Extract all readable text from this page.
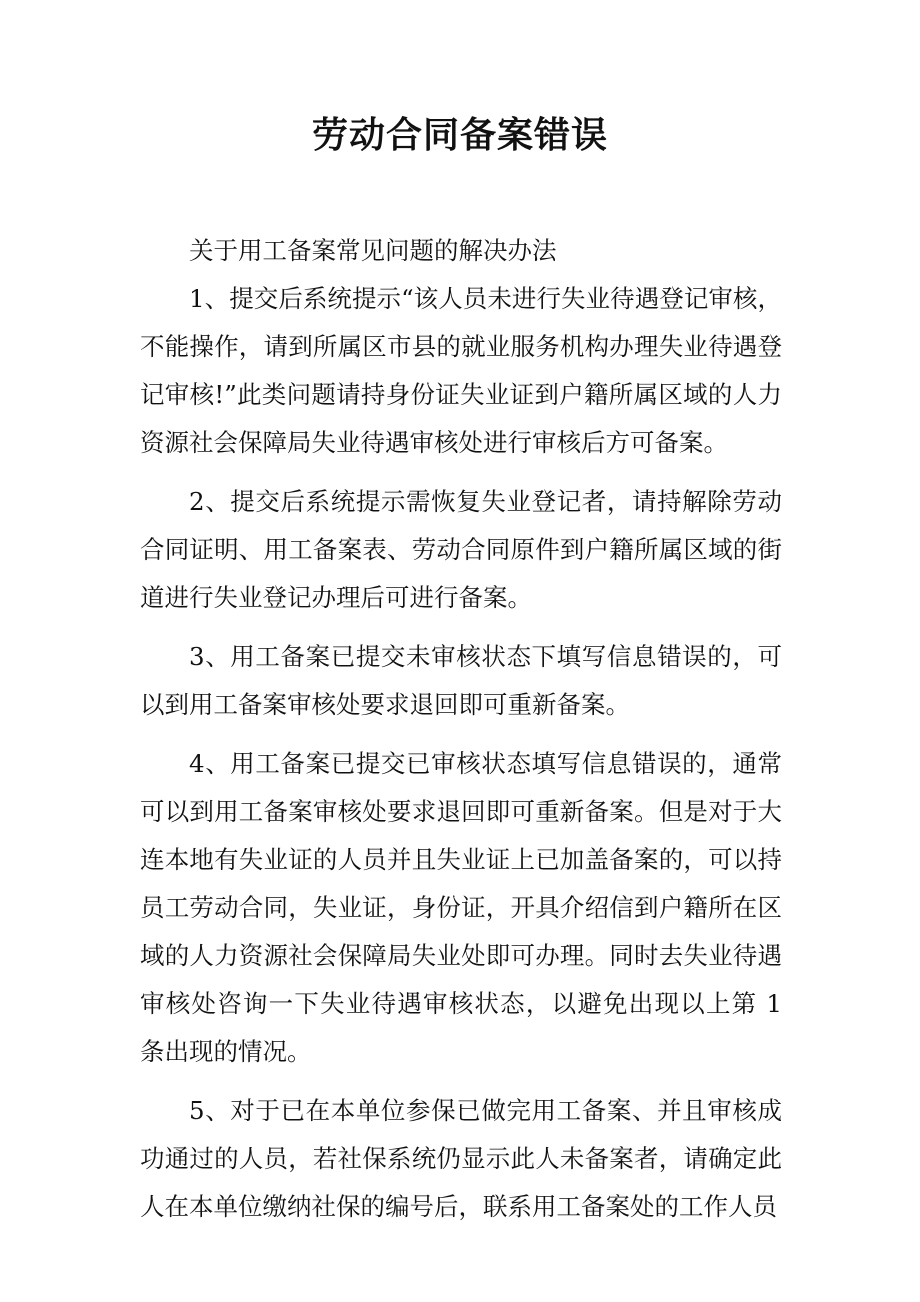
劳动合同备案错误

关于用工备案常见问题的解决办法

1、提交后系统提示“该人员未进行失业待遇登记审核，不能操作，请到所属区市县的就业服务机构办理失业待遇登记审核!”此类问题请持身份证失业证到户籍所属区域的人力资源社会保障局失业待遇审核处进行审核后方可备案。

2、提交后系统提示需恢复失业登记者，请持解除劳动合同证明、用工备案表、劳动合同原件到户籍所属区域的街道进行失业登记办理后可进行备案。

3、用工备案已提交未审核状态下填写信息错误的，可以到用工备案审核处要求退回即可重新备案。

4、用工备案已提交已审核状态填写信息错误的，通常可以到用工备案审核处要求退回即可重新备案。但是对于大连本地有失业证的人员并且失业证上已加盖备案的，可以持员工劳动合同，失业证，身份证，开具介绍信到户籍所在区域的人力资源社会保障局失业处即可办理。同时去失业待遇审核处咨询一下失业待遇审核状态，以避免出现以上第 1 条出现的情况。

5、对于已在本单位参保已做完用工备案、并且审核成功通过的人员，若社保系统仍显示此人未备案者，请确定此人在本单位缴纳社保的编号后，联系用工备案处的工作人员
